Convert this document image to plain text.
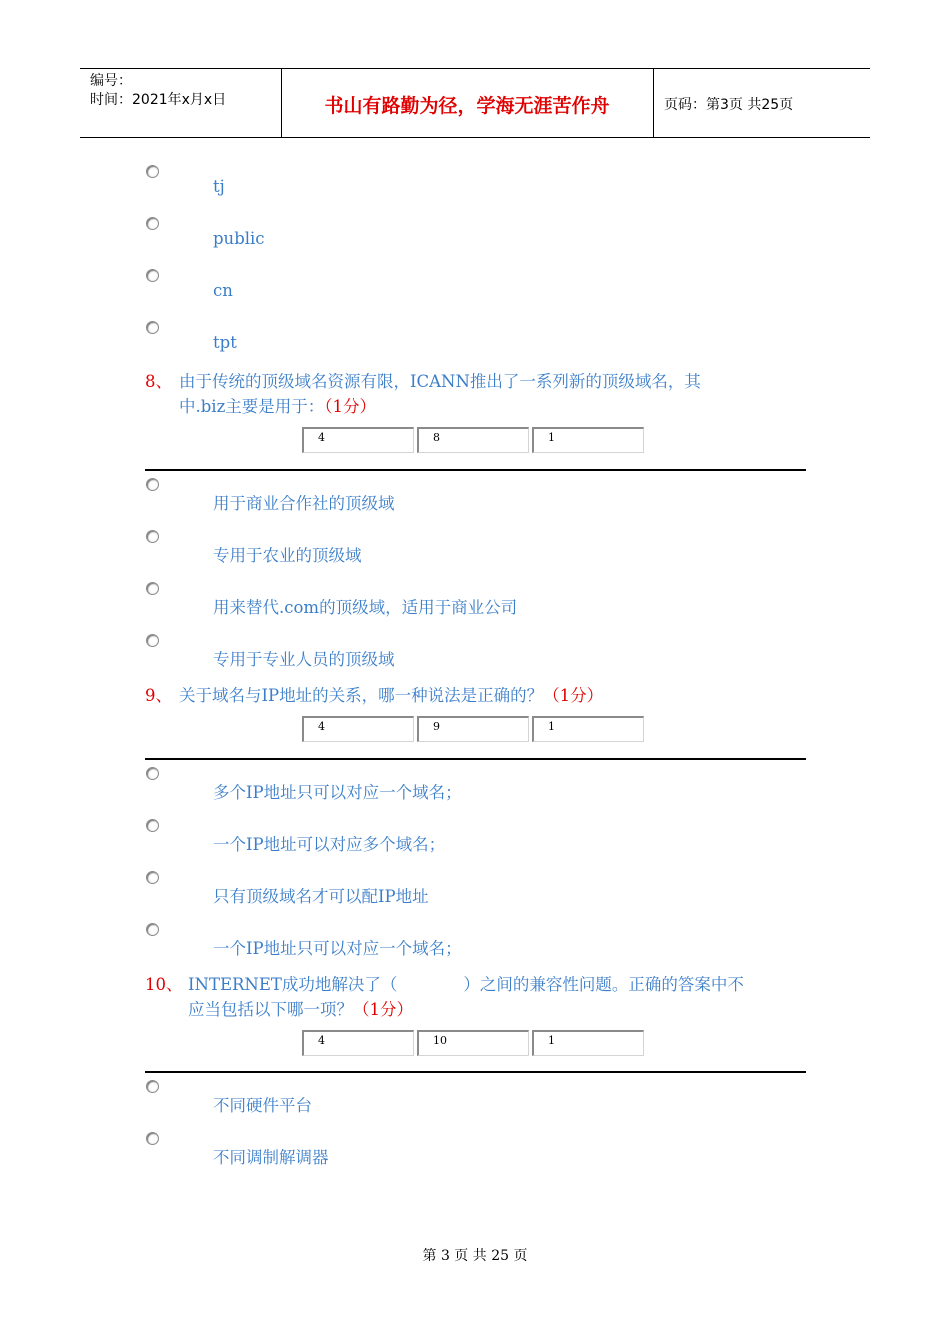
编号：
时间：2021年x月x日	书山有路勤为径，学海无涯苦作舟	页码：第3页 共25页
tj
public
cn
tpt
8、 由于传统的顶级域名资源有限，ICANN推出了一系列新的顶级域名，其
中.biz主要是用于：（1分）
4	8	1
用于商业合作社的顶级域
专用于农业的顶级域
用来替代.com的顶级域，适用于商业公司
专用于专业人员的顶级域
9、 关于域名与IP地址的关系，哪一种说法是正确的？（1分）
4	9	1
多个IP地址只可以对应一个域名；
一个IP地址可以对应多个域名；
只有顶级域名才可以配IP地址
一个IP地址只可以对应一个域名；
10、 INTERNET成功地解决了（　　　　）之间的兼容性问题。正确的答案中不
应当包括以下哪一项？（1分）
4	10	1
不同硬件平台
不同调制解调器
第 3 页 共 25 页
